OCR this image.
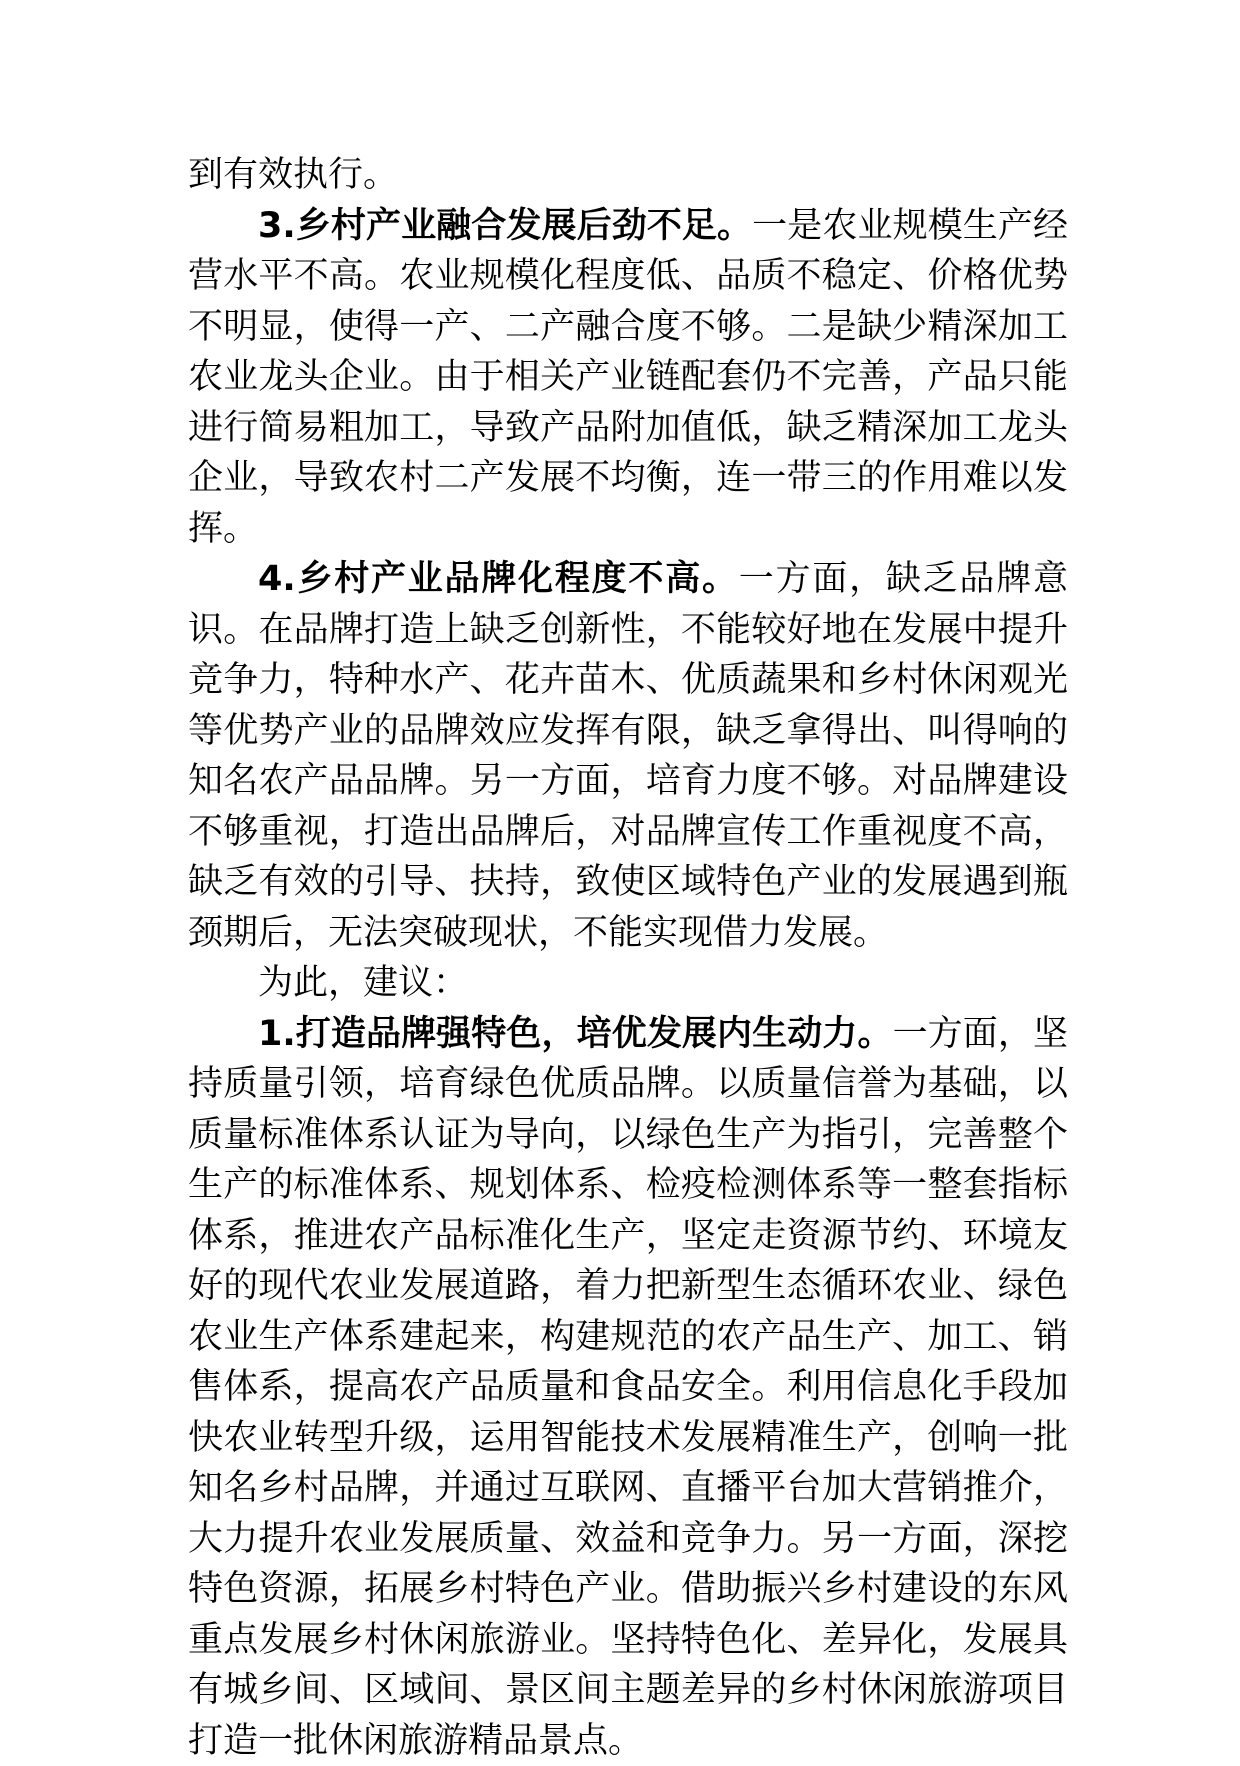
到有效执行。

3.乡村产业融合发展后劲不足。一是农业规模生产经营水平不高。农业规模化程度低、品质不稳定、价格优势不明显，使得一产、二产融合度不够。二是缺少精深加工农业龙头企业。由于相关产业链配套仍不完善，产品只能进行简易粗加工，导致产品附加值低，缺乏精深加工龙头企业，导致农村二产发展不均衡，连一带三的作用难以发挥。

4.乡村产业品牌化程度不高。一方面，缺乏品牌意识。在品牌打造上缺乏创新性，不能较好地在发展中提升竞争力，特种水产、花卉苗木、优质蔬果和乡村休闲观光等优势产业的品牌效应发挥有限，缺乏拿得出、叫得响的知名农产品品牌。另一方面，培育力度不够。对品牌建设不够重视，打造出品牌后，对品牌宣传工作重视度不高，缺乏有效的引导、扶持，致使区域特色产业的发展遇到瓶颈期后，无法突破现状，不能实现借力发展。

为此，建议：

1.打造品牌强特色，培优发展内生动力。一方面，坚持质量引领，培育绿色优质品牌。以质量信誉为基础，以质量标准体系认证为导向，以绿色生产为指引，完善整个生产的标准体系、规划体系、检疫检测体系等一整套指标体系，推进农产品标准化生产，坚定走资源节约、环境友好的现代农业发展道路，着力把新型生态循环农业、绿色农业生产体系建起来，构建规范的农产品生产、加工、销售体系，提高农产品质量和食品安全。利用信息化手段加快农业转型升级，运用智能技术发展精准生产，创响一批知名乡村品牌，并通过互联网、直播平台加大营销推介，大力提升农业发展质量、效益和竞争力。另一方面，深挖特色资源，拓展乡村特色产业。借助振兴乡村建设的东风重点发展乡村休闲旅游业。坚持特色化、差异化，发展具有城乡间、区域间、景区间主题差异的乡村休闲旅游项目打造一批休闲旅游精品景点。
